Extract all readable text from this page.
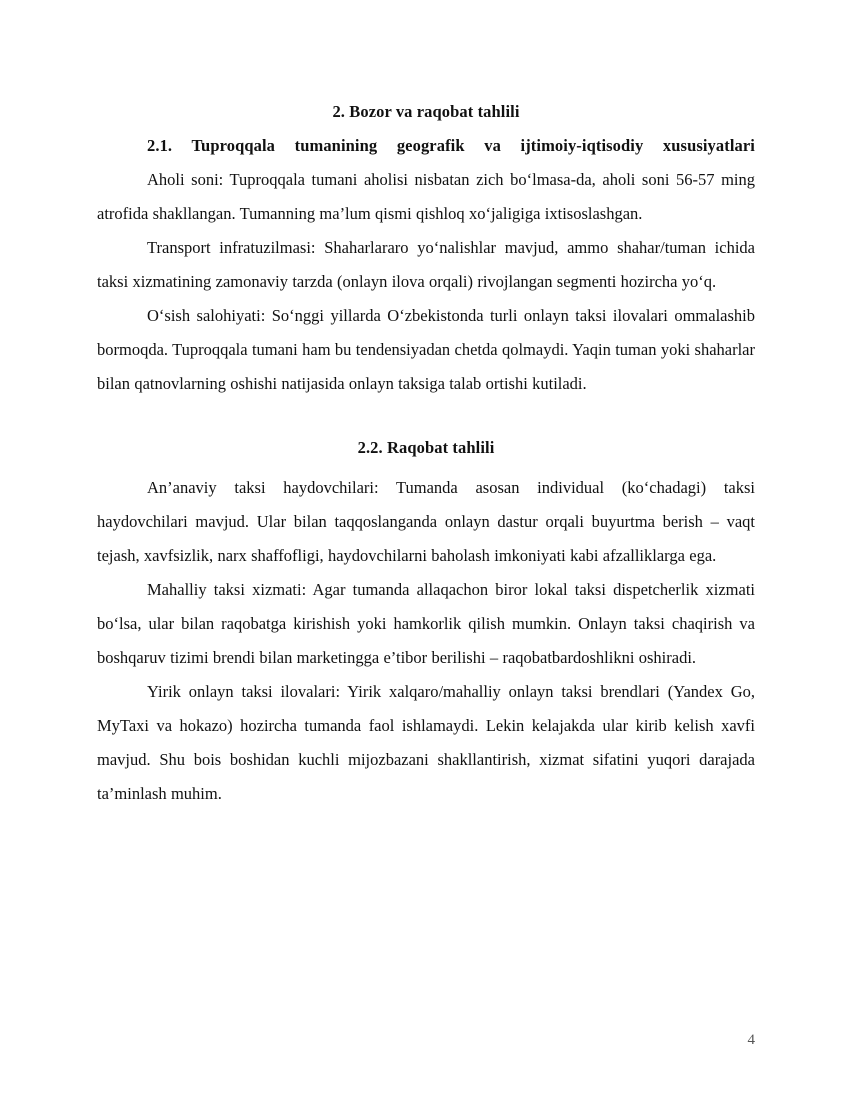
2. Bozor va raqobat tahlili
2.1. Tuproqqala tumanining geografik va ijtimoiy-iqtisodiy xususiyatlari

Aholi soni: Tuproqqala tumani aholisi nisbatan zich boʻlmasa-da, aholi soni 56-57 ming atrofida shakllangan. Tumanning ma’lum qismi qishloq xoʻjaligiga ixtisoslashgan.

Transport infratuzilmasi: Shaharlararo yoʻnalishlar mavjud, ammo shahar/tuman ichida taksi xizmatining zamonaviy tarzda (onlayn ilova orqali) rivojlangan segmenti hozircha yoʻq.

Oʻsish salohiyati: Soʻnggi yillarda Oʻzbekistonda turli onlayn taksi ilovalari ommalashib bormoqda. Tuproqqala tumani ham bu tendensiyadan chetda qolmaydi. Yaqin tuman yoki shaharlar bilan qatnovlarning oshishi natijasida onlayn taksiga talab ortishi kutiladi.

2.2. Raqobat tahlili

An’anaviy taksi haydovchilari: Tumanda asosan individual (koʻchadagi) taksi haydovchilari mavjud. Ular bilan taqqoslanganda onlayn dastur orqali buyurtma berish – vaqt tejash, xavfsizlik, narx shaffofligi, haydovchilarni baholash imkoniyati kabi afzalliklarga ega.

Mahalliy taksi xizmati: Agar tumanda allaqachon biror lokal taksi dispetcherlik xizmati boʻlsa, ular bilan raqobatga kirishish yoki hamkorlik qilish mumkin. Onlayn taksi chaqirish va boshqaruv tizimi brendi bilan marketingga e’tibor berilishi – raqobatbardoshlikni oshiradi.

Yirik onlayn taksi ilovalari: Yirik xalqaro/mahalliy onlayn taksi brendlari (Yandex Go, MyTaxi va hokazo) hozircha tumanda faol ishlamaydi. Lekin kelajakda ular kirib kelish xavfi mavjud. Shu bois boshidan kuchli mijozbazani shakllantirish, xizmat sifatini yuqori darajada ta’minlash muhim.

4
